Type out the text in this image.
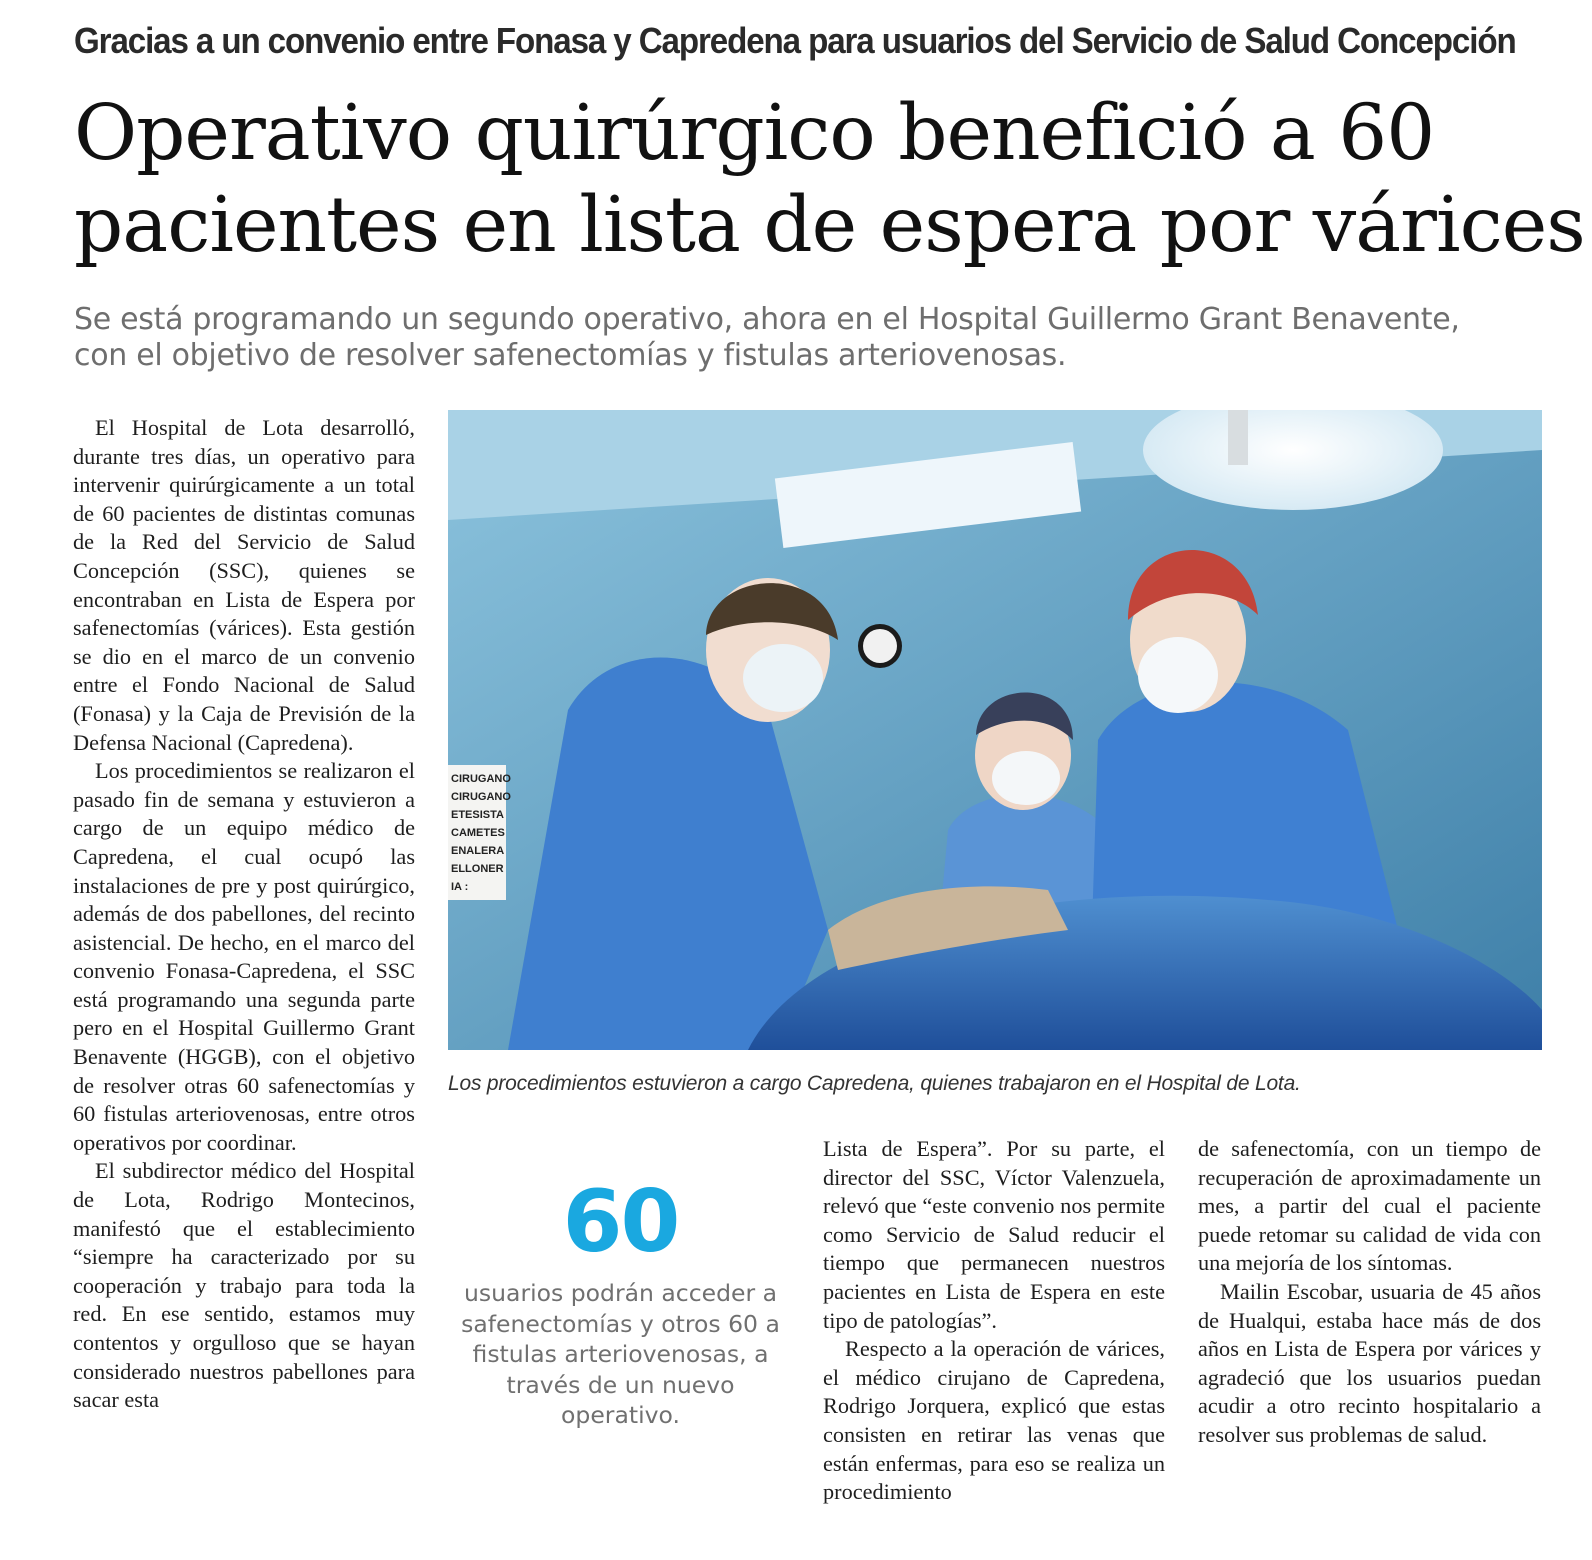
Gracias a un convenio entre Fonasa y Capredena para usuarios del Servicio de Salud Concepción
Operativo quirúrgico benefició a 60
pacientes en lista de espera por várices
Se está programando un segundo operativo, ahora en el Hospital Guillermo Grant Benavente,
con el objetivo de resolver safenectomías y fistulas arteriovenosas.

El Hospital de Lota desarrolló, durante tres días, un operativo para intervenir quirúrgicamente a un total de 60 pacientes de distintas comunas de la Red del Servicio de Salud Concepción (SSC), quienes se encontraban en Lista de Espera por safenectomías (várices). Esta gestión se dio en el marco de un convenio entre el Fondo Nacional de Salud (Fonasa) y la Caja de Previsión de la Defensa Nacional (Capredena).

Los procedimientos se realizaron el pasado fin de semana y estuvieron a cargo de un equipo médico de Capredena, el cual ocupó las instalaciones de pre y post quirúrgico, además de dos pabellones, del recinto asistencial. De hecho, en el marco del convenio Fonasa-Capredena, el SSC está programando una segunda parte pero en el Hospital Guillermo Grant Benavente (HGGB), con el objetivo de resolver otras 60 safenectomías y 60 fistulas arteriovenosas, entre otros operativos por coordinar.

El subdirector médico del Hospital de Lota, Rodrigo Montecinos, manifestó que el establecimiento “siempre ha caracterizado por su cooperación y trabajo para toda la red. En ese sentido, estamos muy contentos y orgulloso que se hayan considerado nuestros pabellones para sacar esta

CIRUGANO
CIRUGANO
ETESISTA
CAMETES
ENALERA
ELLONER
IA :
Los procedimientos estuvieron a cargo Capredena, quienes trabajaron en el Hospital de Lota.
60
usuarios podrán acceder a safenectomías y otros 60 a fistulas arteriovenosas, a través de un nuevo operativo.

Lista de Espera”. Por su parte, el director del SSC, Víctor Valenzuela, relevó que “este convenio nos permite como Servicio de Salud reducir el tiempo que permanecen nuestros pacientes en Lista de Espera en este tipo de patologías”.

Respecto a la operación de várices, el médico cirujano de Capredena, Rodrigo Jorquera, explicó que estas consisten en retirar las venas que están enfermas, para eso se realiza un procedimiento

de safenectomía, con un tiempo de recuperación de aproximadamente un mes, a partir del cual el paciente puede retomar su calidad de vida con una mejoría de los síntomas.

Mailin Escobar, usuaria de 45 años de Hualqui, estaba hace más de dos años en Lista de Espera por várices y agradeció que los usuarios puedan acudir a otro recinto hospitalario a resolver sus problemas de salud.
